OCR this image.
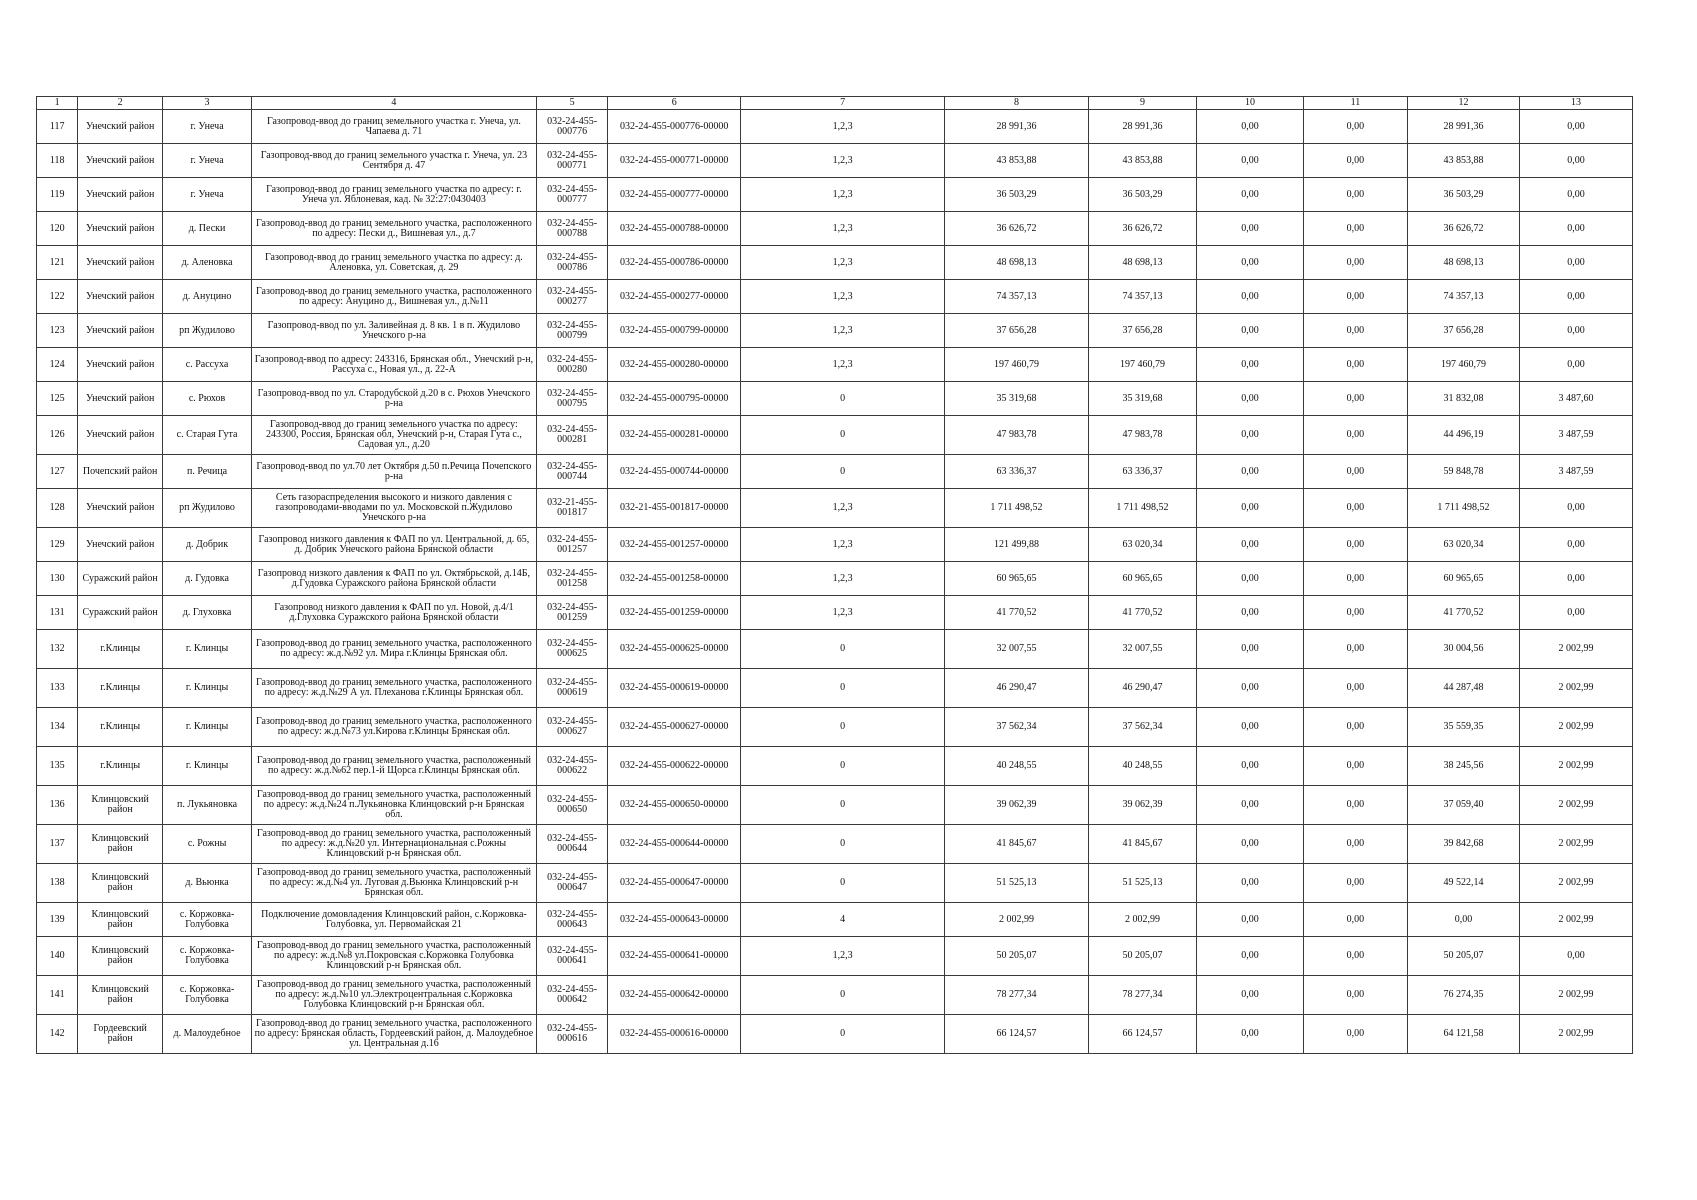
1	2	3	4	5	6	7	8	9	10	11	12	13
117	Унечский район	г. Унеча	Газопровод-ввод до границ земельного участка г. Унеча, ул. Чапаева д. 71	032-24-455-000776	032-24-455-000776-00000	1,2,3	28 991,36	28 991,36	0,00	0,00	28 991,36	0,00
118	Унечский район	г. Унеча	Газопровод-ввод до границ земельного участка г. Унеча, ул. 23 Сентября д. 47	032-24-455-000771	032-24-455-000771-00000	1,2,3	43 853,88	43 853,88	0,00	0,00	43 853,88	0,00
119	Унечский район	г. Унеча	Газопровод-ввод до границ земельного участка по адресу: г. Унеча ул. Яблоневая, кад. № 32:27:0430403	032-24-455-000777	032-24-455-000777-00000	1,2,3	36 503,29	36 503,29	0,00	0,00	36 503,29	0,00
120	Унечский район	д. Пески	Газопровод-ввод до границ земельного участка, расположенного по адресу: Пески д., Вишневая ул., д.7	032-24-455-000788	032-24-455-000788-00000	1,2,3	36 626,72	36 626,72	0,00	0,00	36 626,72	0,00
121	Унечский район	д. Аленовка	Газопровод-ввод до границ земельного участка по адресу: д. Аленовка, ул. Советская, д. 29	032-24-455-000786	032-24-455-000786-00000	1,2,3	48 698,13	48 698,13	0,00	0,00	48 698,13	0,00
122	Унечский район	д. Ануцино	Газопровод-ввод до границ земельного участка, расположенного по адресу: Ануцино д., Вишневая ул., д.№11	032-24-455-000277	032-24-455-000277-00000	1,2,3	74 357,13	74 357,13	0,00	0,00	74 357,13	0,00
123	Унечский район	рп Жудилово	Газопровод-ввод по ул. Заливейная д. 8 кв. 1 в п. Жудилово Унечского р-на	032-24-455-000799	032-24-455-000799-00000	1,2,3	37 656,28	37 656,28	0,00	0,00	37 656,28	0,00
124	Унечский район	с. Рассуха	Газопровод-ввод по адресу: 243316, Брянская обл., Унечский р-н, Рассуха с., Новая ул., д. 22-А	032-24-455-000280	032-24-455-000280-00000	1,2,3	197 460,79	197 460,79	0,00	0,00	197 460,79	0,00
125	Унечский район	с. Рюхов	Газопровод-ввод по ул. Стародубской д.20 в с. Рюхов Унечского р-на	032-24-455-000795	032-24-455-000795-00000	0	35 319,68	35 319,68	0,00	0,00	31 832,08	3 487,60
126	Унечский район	с. Старая Гута	Газопровод-ввод до границ земельного участка по адресу: 243300, Россия, Брянская обл, Унечский р-н, Старая Гута с., Садовая ул., д.20	032-24-455-000281	032-24-455-000281-00000	0	47 983,78	47 983,78	0,00	0,00	44 496,19	3 487,59
127	Почепский район	п. Речица	Газопровод-ввод по ул.70 лет Октября д.50 п.Речица Почепского р-на	032-24-455-000744	032-24-455-000744-00000	0	63 336,37	63 336,37	0,00	0,00	59 848,78	3 487,59
128	Унечский район	рп Жудилово	Сеть газораспределения высокого и низкого давления с газопроводами-вводами по ул. Московской п.Жудилово Унечского р-на	032-21-455-001817	032-21-455-001817-00000	1,2,3	1 711 498,52	1 711 498,52	0,00	0,00	1 711 498,52	0,00
129	Унечский район	д. Добрик	Газопровод низкого давления к ФАП по ул. Центральной, д. 65, д. Добрик Унечского района Брянской области	032-24-455-001257	032-24-455-001257-00000	1,2,3	121 499,88	63 020,34	0,00	0,00	63 020,34	0,00
130	Суражский район	д. Гудовка	Газопровод низкого давления к ФАП по ул. Октябрьской, д.14Б, д.Гудовка Суражского района Брянской области	032-24-455-001258	032-24-455-001258-00000	1,2,3	60 965,65	60 965,65	0,00	0,00	60 965,65	0,00
131	Суражский район	д. Глуховка	Газопровод низкого давления к ФАП по ул. Новой, д.4/1 д.Глуховка Суражского района Брянской области	032-24-455-001259	032-24-455-001259-00000	1,2,3	41 770,52	41 770,52	0,00	0,00	41 770,52	0,00
132	г.Клинцы	г. Клинцы	Газопровод-ввод до границ земельного участка, расположенного по адресу: ж.д.№92 ул. Мира г.Клинцы Брянская обл.	032-24-455-000625	032-24-455-000625-00000	0	32 007,55	32 007,55	0,00	0,00	30 004,56	2 002,99
133	г.Клинцы	г. Клинцы	Газопровод-ввод до границ земельного участка, расположенного по адресу: ж.д.№29 А ул. Плеханова г.Клинцы Брянская обл.	032-24-455-000619	032-24-455-000619-00000	0	46 290,47	46 290,47	0,00	0,00	44 287,48	2 002,99
134	г.Клинцы	г. Клинцы	Газопровод-ввод до границ земельного участка, расположенного по адресу: ж.д.№73 ул.Кирова г.Клинцы Брянская обл.	032-24-455-000627	032-24-455-000627-00000	0	37 562,34	37 562,34	0,00	0,00	35 559,35	2 002,99
135	г.Клинцы	г. Клинцы	Газопровод-ввод до границ земельного участка, расположенный по адресу: ж.д.№62 пер.1-й Щорса г.Клинцы Брянская обл.	032-24-455-000622	032-24-455-000622-00000	0	40 248,55	40 248,55	0,00	0,00	38 245,56	2 002,99
136	Клинцовский район	п. Лукьяновка	Газопровод-ввод до границ земельного участка, расположенный по адресу: ж.д.№24 п.Лукьяновка Клинцовский р-н Брянская обл.	032-24-455-000650	032-24-455-000650-00000	0	39 062,39	39 062,39	0,00	0,00	37 059,40	2 002,99
137	Клинцовский район	с. Рожны	Газопровод-ввод до границ земельного участка, расположенный по адресу: ж.д.№20 ул. Интернациональная с.Рожны Клинцовский р-н Брянская обл.	032-24-455-000644	032-24-455-000644-00000	0	41 845,67	41 845,67	0,00	0,00	39 842,68	2 002,99
138	Клинцовский район	д. Вьюнка	Газопровод-ввод до границ земельного участка, расположенный по адресу: ж.д.№4 ул. Луговая д.Вьюнка Клинцовский р-н Брянская обл.	032-24-455-000647	032-24-455-000647-00000	0	51 525,13	51 525,13	0,00	0,00	49 522,14	2 002,99
139	Клинцовский район	с. Коржовка-Голубовка	Подключение домовладения Клинцовский район, с.Коржовка-Голубовка, ул. Первомайская 21	032-24-455-000643	032-24-455-000643-00000	4	2 002,99	2 002,99	0,00	0,00	0,00	2 002,99
140	Клинцовский район	с. Коржовка-Голубовка	Газопровод-ввод до границ земельного участка, расположенный по адресу: ж.д.№8 ул.Покровская с.Коржовка Голубовка Клинцовский р-н Брянская обл.	032-24-455-000641	032-24-455-000641-00000	1,2,3	50 205,07	50 205,07	0,00	0,00	50 205,07	0,00
141	Клинцовский район	с. Коржовка-Голубовка	Газопровод-ввод до границ земельного участка, расположенный по адресу: ж.д.№10 ул.Электроцентральная с.Коржовка Голубовка Клинцовский р-н Брянская обл.	032-24-455-000642	032-24-455-000642-00000	0	78 277,34	78 277,34	0,00	0,00	76 274,35	2 002,99
142	Гордеевский район	д. Малоудебное	Газопровод-ввод до границ земельного участка, расположенного по адресу: Брянская область, Гордеевский район, д. Малоудебное ул. Центральная д.16	032-24-455-000616	032-24-455-000616-00000	0	66 124,57	66 124,57	0,00	0,00	64 121,58	2 002,99
